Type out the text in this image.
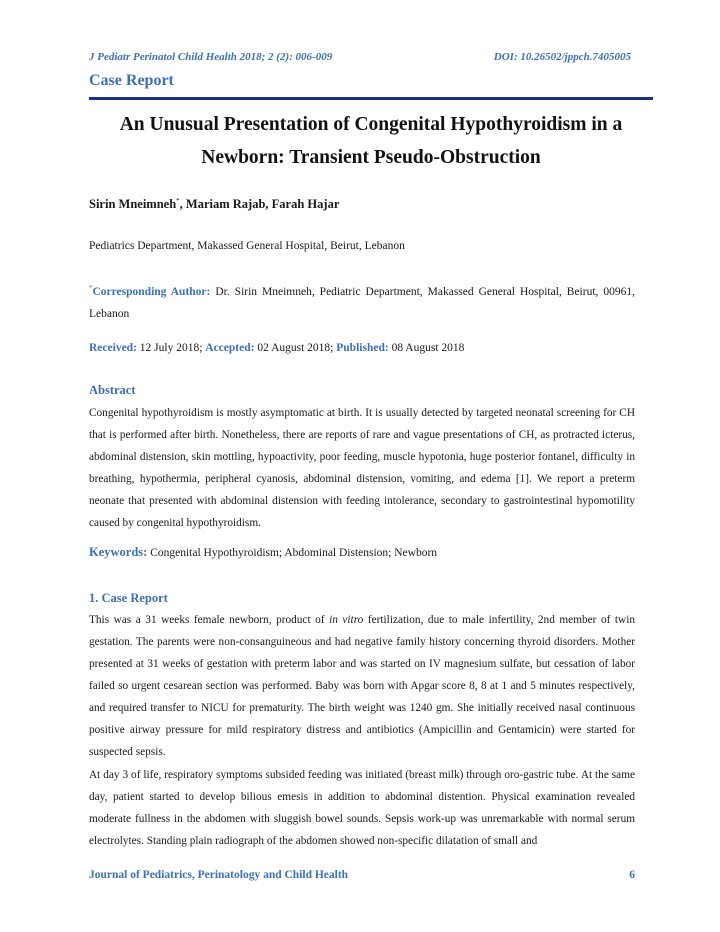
J Pediatr Perinatol Child Health 2018; 2 (2): 006-009	DOI: 10.26502/jppch.7405005
Case Report
An Unusual Presentation of Congenital Hypothyroidism in a
Newborn: Transient Pseudo-Obstruction
Sirin Mneimneh*, Mariam Rajab, Farah Hajar
Pediatrics Department, Makassed General Hospital, Beirut, Lebanon
*Corresponding Author: Dr. Sirin Mneimneh, Pediatric Department, Makassed General Hospital, Beirut, 00961, Lebanon
Received: 12 July 2018; Accepted: 02 August 2018; Published: 08 August 2018
Abstract

Congenital hypothyroidism is mostly asymptomatic at birth. It is usually detected by targeted neonatal screening for CH that is performed after birth. Nonetheless, there are reports of rare and vague presentations of CH, as protracted icterus, abdominal distension, skin mottling, hypoactivity, poor feeding, muscle hypotonia, huge posterior fontanel, difficulty in breathing, hypothermia, peripheral cyanosis, abdominal distension, vomiting, and edema [1]. We report a preterm neonate that presented with abdominal distension with feeding intolerance, secondary to gastrointestinal hypomotility caused by congenital hypothyroidism.

Keywords: Congenital Hypothyroidism; Abdominal Distension; Newborn
1. Case Report

This was a 31 weeks female newborn, product of in vitro fertilization, due to male infertility, 2nd member of twin gestation. The parents were non-consanguineous and had negative family history concerning thyroid disorders. Mother presented at 31 weeks of gestation with preterm labor and was started on IV magnesium sulfate, but cessation of labor failed so urgent cesarean section was performed. Baby was born with Apgar score 8, 8 at 1 and 5 minutes respectively, and required transfer to NICU for prematurity. The birth weight was 1240 gm. She initially received nasal continuous positive airway pressure for mild respiratory distress and antibiotics (Ampicillin and Gentamicin) were started for suspected sepsis.

At day 3 of life, respiratory symptoms subsided feeding was initiated (breast milk) through oro-gastric tube. At the same day, patient started to develop bilious emesis in addition to abdominal distention. Physical examination revealed moderate fullness in the abdomen with sluggish bowel sounds. Sepsis work-up was unremarkable with normal serum electrolytes. Standing plain radiograph of the abdomen showed non-specific dilatation of small and

Journal of Pediatrics, Perinatology and Child Health	6
